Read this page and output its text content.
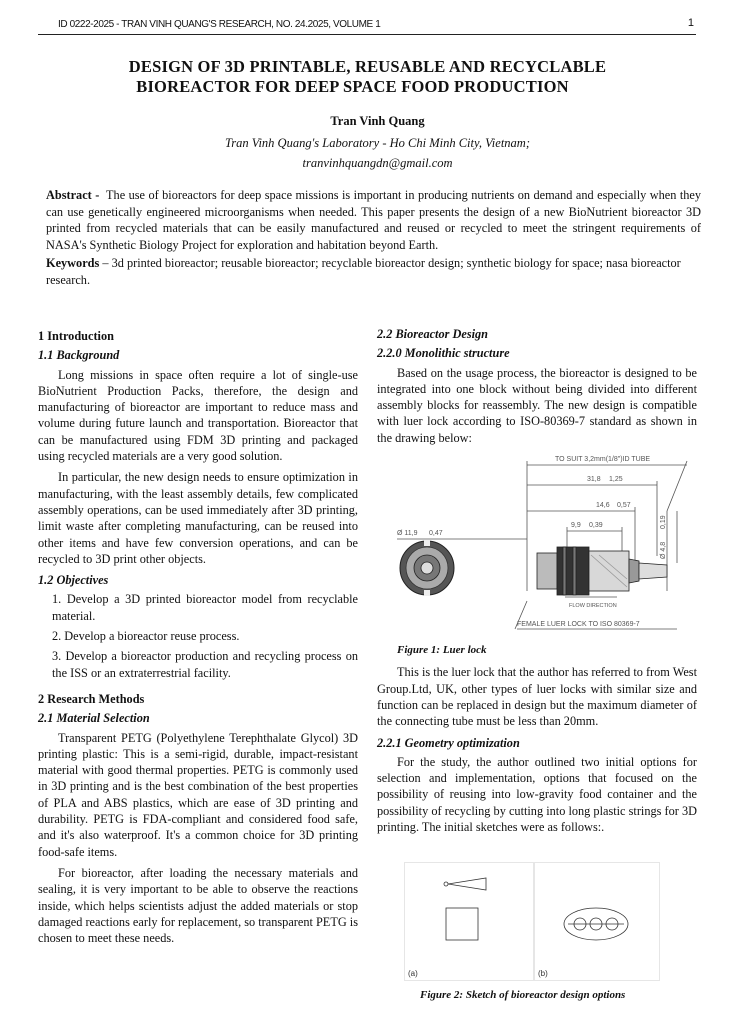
ID 0222-2025 - TRAN VINH QUANG'S RESEARCH, NO. 24.2025, VOLUME 1	1
DESIGN OF 3D PRINTABLE, REUSABLE AND RECYCLABLE
BIOREACTOR FOR DEEP SPACE FOOD PRODUCTION
Tran Vinh Quang
Tran Vinh Quang's Laboratory - Ho Chi Minh City, Vietnam;
tranvinhquangdn@gmail.com
Abstract - The use of bioreactors for deep space missions is important in producing nutrients on demand and especially when they can use genetically engineered microorganisms when needed. This paper presents the design of a new BioNutrient bioreactor 3D printed from recycled materials that can be easily manufactured and reused or recycled to meet the stringent requirements of NASA's Synthetic Biology Project for exploration and habitation beyond Earth.
Keywords – 3d printed bioreactor; reusable bioreactor; recyclable bioreactor design; synthetic biology for space; nasa bioreactor research.
1 Introduction
1.1 Background
Long missions in space often require a lot of single-use BioNutrient Production Packs, therefore, the design and manufacturing of bioreactor are important to reduce mass and volume during future launch and transportation. Bioreactor that can be manufactured using FDM 3D printing and packaged using recycled materials are a very good solution.
In particular, the new design needs to ensure optimization in manufacturing, with the least assembly details, few complicated assembly operations, can be used immediately after 3D printing, limit waste after completing manufacturing, can be reused into other items and have few conversion operations, and can be recycled to 3D print other objects.
1.2 Objectives
1. Develop a 3D printed bioreactor model from recyclable material.
2. Develop a bioreactor reuse process.
3. Develop a bioreactor production and recycling process on the ISS or an extraterrestrial facility.
2 Research Methods
2.1 Material Selection
Transparent PETG (Polyethylene Terephthalate Glycol) 3D printing plastic: This is a semi-rigid, durable, impact-resistant material with good thermal properties. PETG is commonly used in 3D printing and is the best combination of the best properties of PLA and ABS plastics, which are ease of 3D printing and durability. PETG is FDA-compliant and considered food safe, and it's also waterproof. It's a common choice for 3D printing food-safe items.
For bioreactor, after loading the necessary materials and sealing, it is very important to be able to observe the reactions inside, which helps scientists adjust the added materials or stop damaged reactions early for replacement, so transparent PETG is chosen to meet these needs.
2.2 Bioreactor Design
2.2.0 Monolithic structure
Based on the usage process, the bioreactor is designed to be integrated into one block without being divided into different assembly blocks for reassembly. The new design is compatible with luer lock according to ISO-80369-7 standard as shown in the drawing below:
TO SUIT 3,2mm(1/8")ID TUBE
31,8 1,25
14,6 0,57
9,9 0,39
Ø 11,9 0,47
Ø 4,8
0,19
FLOW DIRECTION
FEMALE LUER LOCK TO ISO 80369-7
Figure 1: Luer lock
This is the luer lock that the author has referred to from West Group.Ltd, UK, other types of luer locks with similar size and function can be replaced in design but the maximum diameter of the connecting tube must be less than 20mm.
2.2.1 Geometry optimization
For the study, the author outlined two initial options for selection and implementation, options that focused on the possibility of reusing into low-gravity food container and the possibility of recycling by cutting into long plastic strings for 3D printing. The initial sketches were as follows:.
(a)	(b)
Figure 2: Sketch of bioreactor design options
